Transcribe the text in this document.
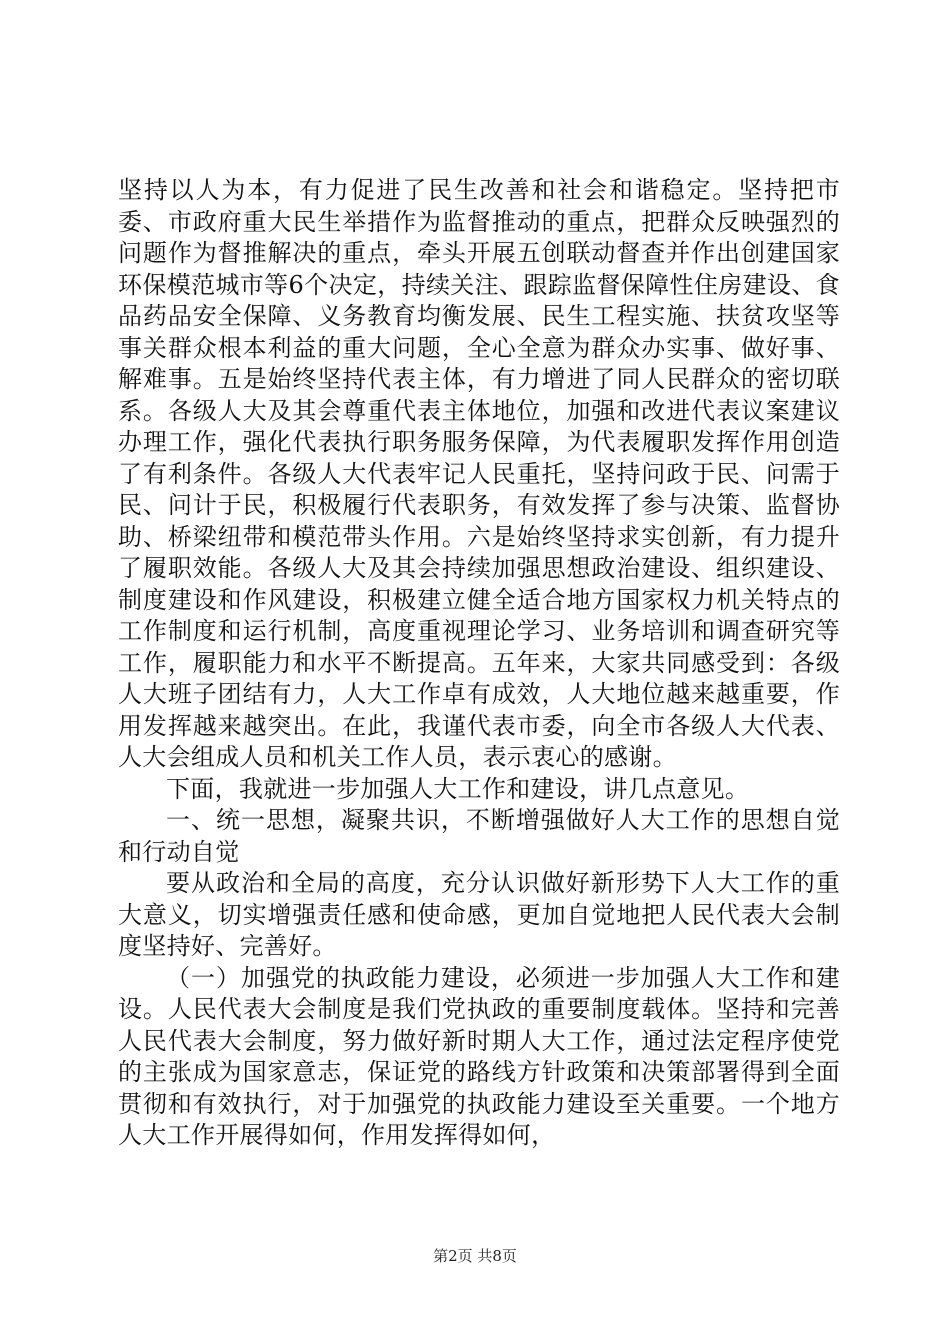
坚持以人为本，有力促进了民生改善和社会和谐稳定。坚持把市委、市政府重大民生举措作为监督推动的重点，把群众反映强烈的问题作为督推解决的重点，牵头开展五创联动督查并作出创建国家环保模范城市等6个决定，持续关注、跟踪监督保障性住房建设、食品药品安全保障、义务教育均衡发展、民生工程实施、扶贫攻坚等事关群众根本利益的重大问题，全心全意为群众办实事、做好事、解难事。五是始终坚持代表主体，有力增进了同人民群众的密切联系。各级人大及其会尊重代表主体地位，加强和改进代表议案建议办理工作，强化代表执行职务服务保障，为代表履职发挥作用创造了有利条件。各级人大代表牢记人民重托，坚持问政于民、问需于民、问计于民，积极履行代表职务，有效发挥了参与决策、监督协助、桥梁纽带和模范带头作用。六是始终坚持求实创新，有力提升了履职效能。各级人大及其会持续加强思想政治建设、组织建设、制度建设和作风建设，积极建立健全适合地方国家权力机关特点的工作制度和运行机制，高度重视理论学习、业务培训和调查研究等工作，履职能力和水平不断提高。五年来，大家共同感受到：各级人大班子团结有力，人大工作卓有成效，人大地位越来越重要，作用发挥越来越突出。在此，我谨代表市委，向全市各级人大代表、人大会组成人员和机关工作人员，表示衷心的感谢。

下面，我就进一步加强人大工作和建设，讲几点意见。

一、统一思想，凝聚共识，不断增强做好人大工作的思想自觉和行动自觉

要从政治和全局的高度，充分认识做好新形势下人大工作的重大意义，切实增强责任感和使命感，更加自觉地把人民代表大会制度坚持好、完善好。

（一）加强党的执政能力建设，必须进一步加强人大工作和建设。人民代表大会制度是我们党执政的重要制度载体。坚持和完善人民代表大会制度，努力做好新时期人大工作，通过法定程序使党的主张成为国家意志，保证党的路线方针政策和决策部署得到全面贯彻和有效执行，对于加强党的执政能力建设至关重要。一个地方人大工作开展得如何，作用发挥得如何，

第2页 共8页
